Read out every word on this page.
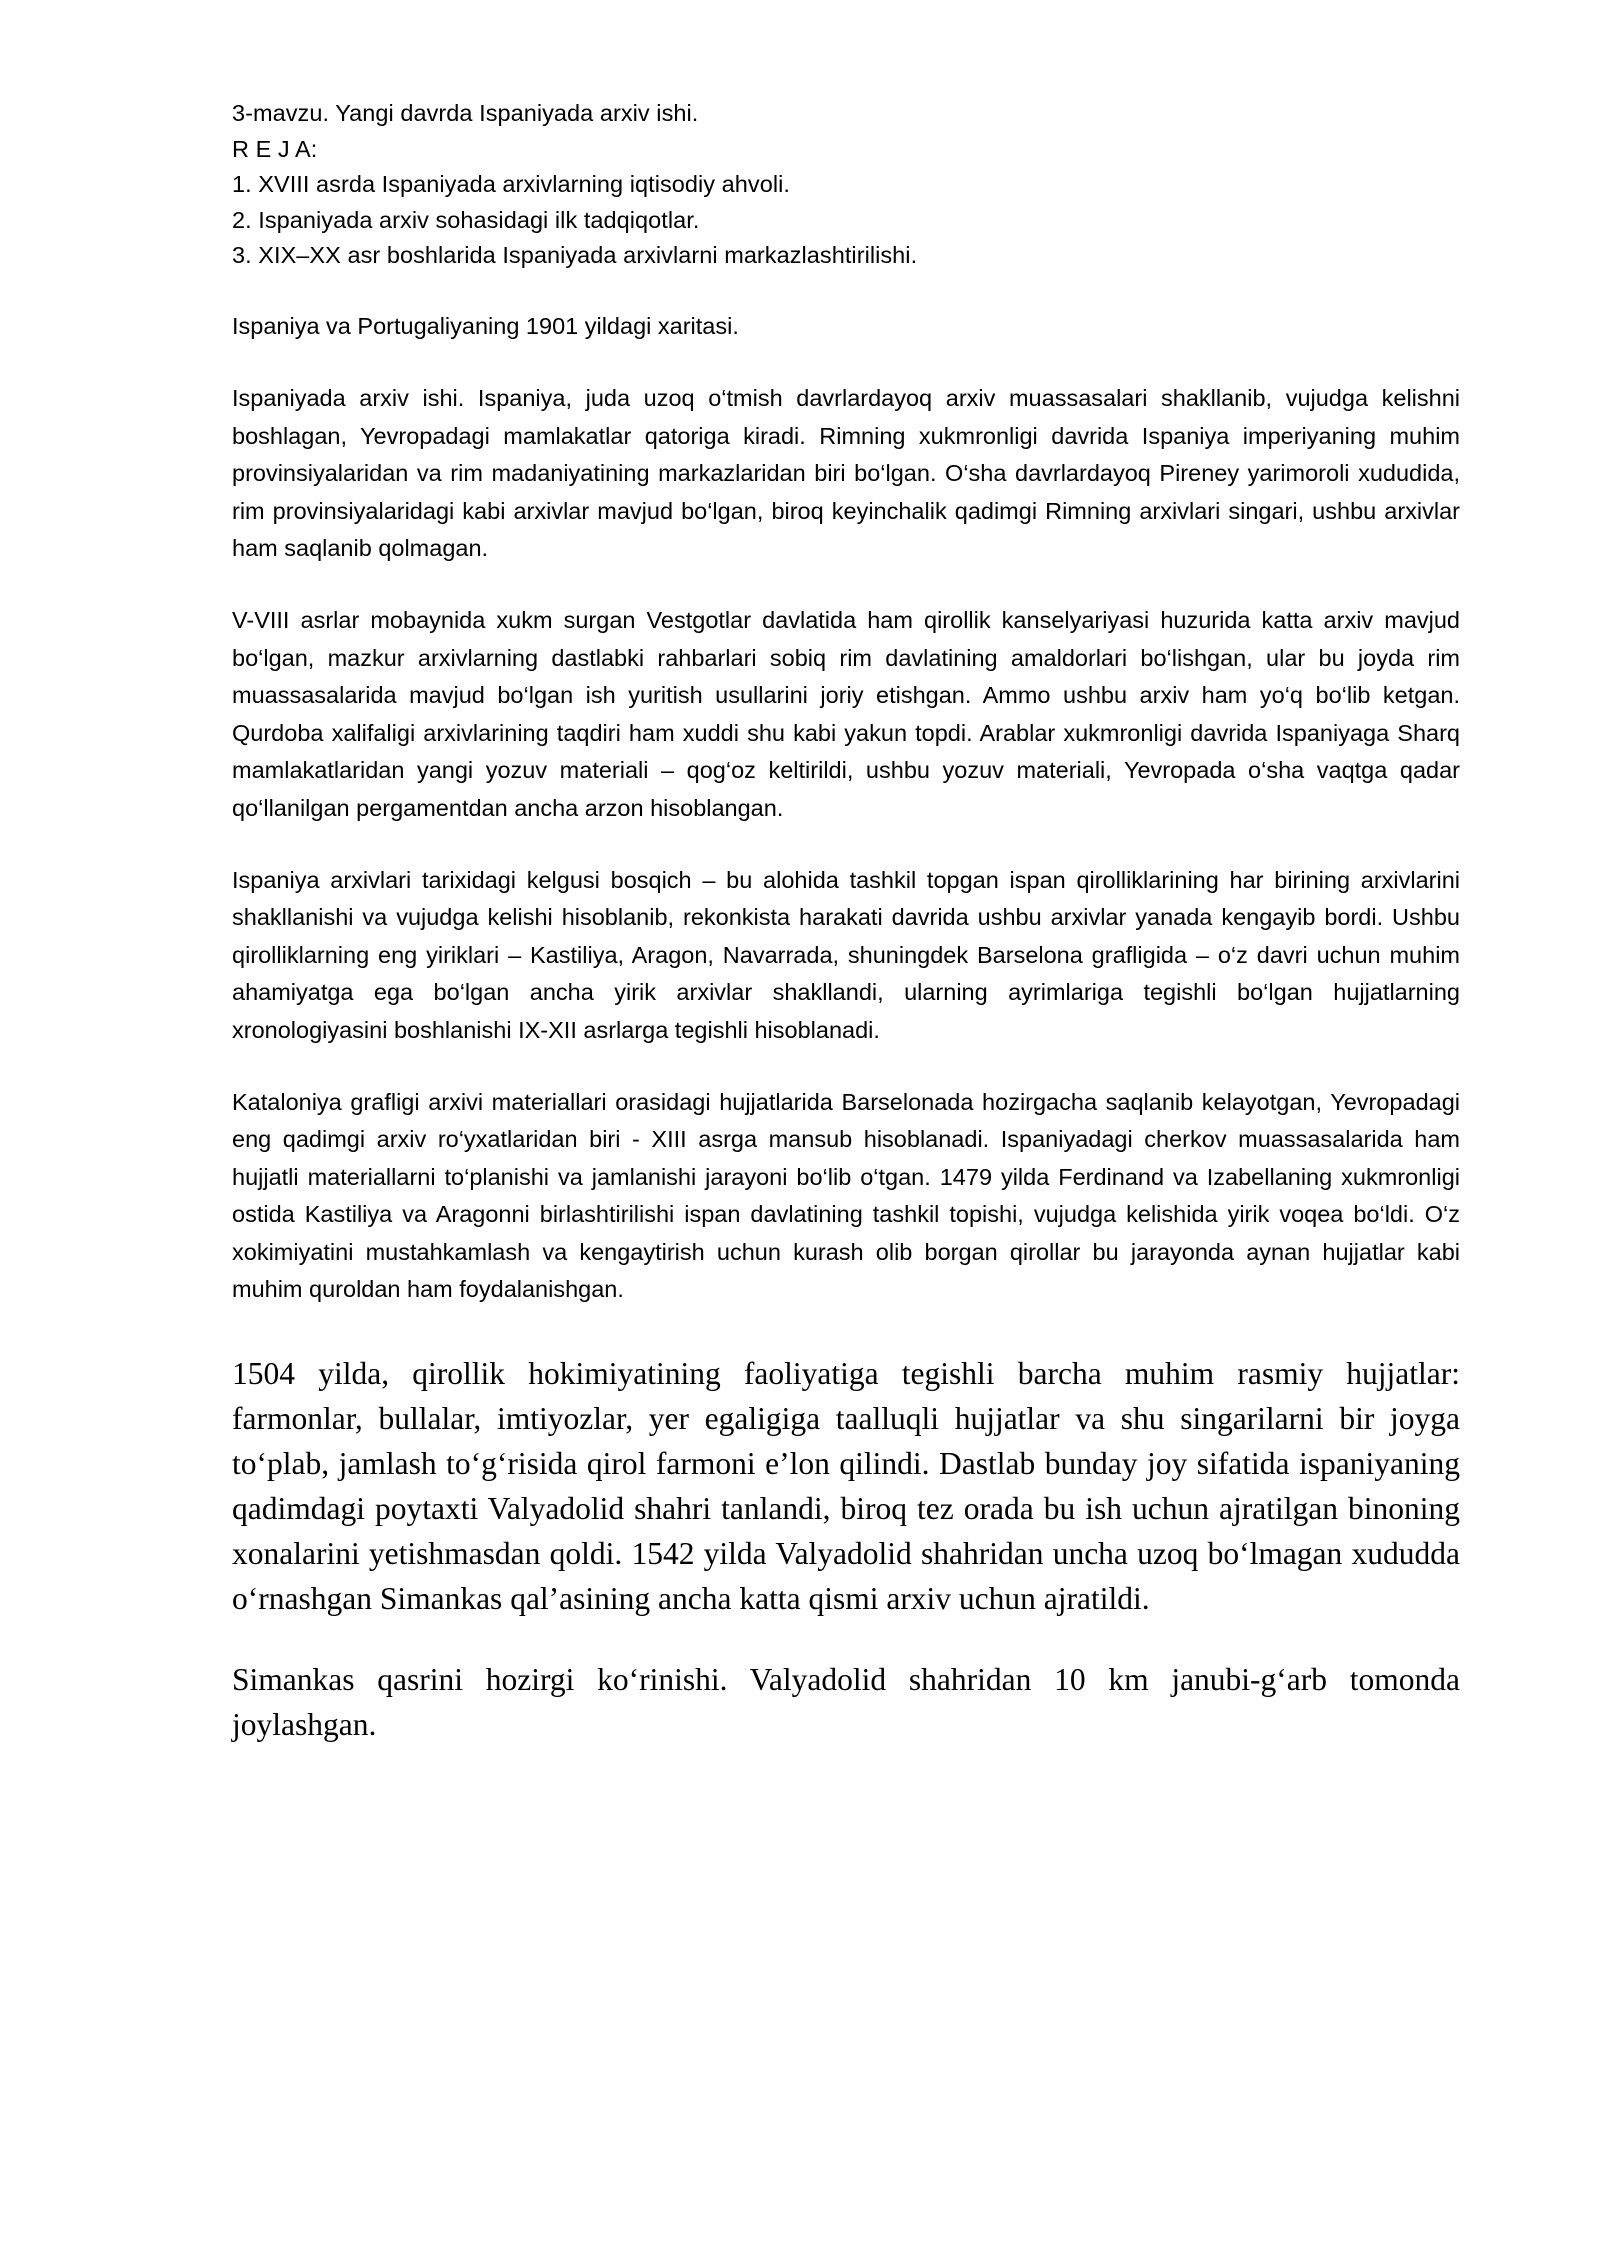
3-mavzu. Yangi davrda Ispaniyada arxiv ishi.
R E J A:
1. XVIII asrda Ispaniyada arxivlarning iqtisodiy ahvoli.
2. Ispaniyada arxiv sohasidagi ilk tadqiqotlar.
3. XIX–XX asr boshlarida Ispaniyada arxivlarni markazlashtirilishi.
Ispaniya va Portugaliyaning 1901 yildagi xaritasi.

Ispaniyada arxiv ishi. Ispaniya, juda uzoq o‘tmish davrlardayoq arxiv muassasalari shakllanib, vujudga kelishni boshlagan, Yevropadagi mamlakatlar qatoriga kiradi. Rimning xukmronligi davrida Ispaniya imperiyaning muhim provinsiyalaridan va rim madaniyatining markazlaridan biri bo‘lgan. O‘sha davrlardayoq Pireney yarimoroli xududida, rim provinsiyalaridagi kabi arxivlar mavjud bo‘lgan, biroq keyinchalik qadimgi Rimning arxivlari singari, ushbu arxivlar ham saqlanib qolmagan.

V-VIII asrlar mobaynida xukm surgan Vestgotlar davlatida ham qirollik kanselyariyasi huzurida katta arxiv mavjud bo‘lgan, mazkur arxivlarning dastlabki rahbarlari sobiq rim davlatining amaldorlari bo‘lishgan, ular bu joyda rim muassasalarida mavjud bo‘lgan ish yuritish usullarini joriy etishgan. Ammo ushbu arxiv ham yo‘q bo‘lib ketgan. Qurdoba xalifaligi arxivlarining taqdiri ham xuddi shu kabi yakun topdi. Arablar xukmronligi davrida Ispaniyaga Sharq mamlakatlaridan yangi yozuv materiali – qog‘oz keltirildi, ushbu yozuv materiali, Yevropada o‘sha vaqtga qadar qo‘llanilgan pergamentdan ancha arzon hisoblangan.

Ispaniya arxivlari tarixidagi kelgusi bosqich – bu alohida tashkil topgan ispan qirolliklarining har birining arxivlarini shakllanishi va vujudga kelishi hisoblanib, rekonkista harakati davrida ushbu arxivlar yanada kengayib bordi. Ushbu qirolliklarning eng yiriklari – Kastiliya, Aragon, Navarrada, shuningdek Barselona grafligida – o‘z davri uchun muhim ahamiyatga ega bo‘lgan ancha yirik arxivlar shakllandi, ularning ayrimlariga tegishli bo‘lgan hujjatlarning xronologiyasini boshlanishi IX-XII asrlarga tegishli hisoblanadi.

Kataloniya grafligi arxivi materiallari orasidagi hujjatlarida Barselonada hozirgacha saqlanib kelayotgan, Yevropadagi eng qadimgi arxiv ro‘yxatlaridan biri - XIII asrga mansub hisoblanadi. Ispaniyadagi cherkov muassasalarida ham hujjatli materiallarni to‘planishi va jamlanishi jarayoni bo‘lib o‘tgan. 1479 yilda Ferdinand va Izabellaning xukmronligi ostida Kastiliya va Aragonni birlashtirilishi ispan davlatining tashkil topishi, vujudga kelishida yirik voqea bo‘ldi. O‘z xokimiyatini mustahkamlash va kengaytirish uchun kurash olib borgan qirollar bu jarayonda aynan hujjatlar kabi muhim quroldan ham foydalanishgan.

1504 yilda, qirollik hokimiyatining faoliyatiga tegishli barcha muhim rasmiy hujjatlar: farmonlar, bullalar, imtiyozlar, yer egaligiga taalluqli hujjatlar va shu singarilarni bir joyga to‘plab, jamlash to‘g‘risida qirol farmoni e’lon qilindi. Dastlab bunday joy sifatida ispaniyaning qadimdagi poytaxti Valyadolid shahri tanlandi, biroq tez orada bu ish uchun ajratilgan binoning xonalarini yetishmasdan qoldi. 1542 yilda Valyadolid shahridan uncha uzoq bo‘lmagan xududda o‘rnashgan Simankas qal’asining ancha katta qismi arxiv uchun ajratildi.

Simankas qasrini hozirgi ko‘rinishi. Valyadolid shahridan 10 km janubi-g‘arb tomonda joylashgan.
